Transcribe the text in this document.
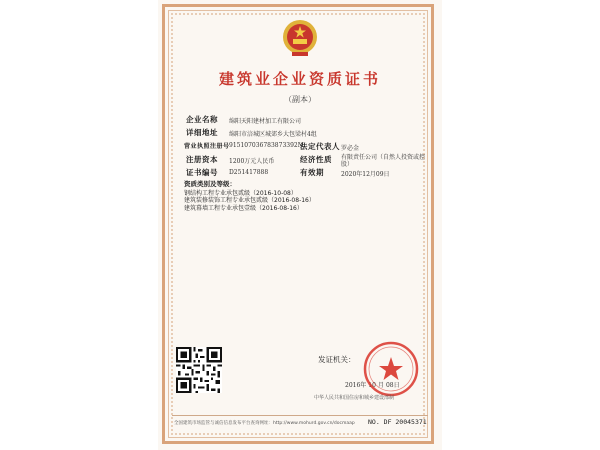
建筑业企业资质证书
（副本）
企业名称 绵阳天阳建材加工有限公司
详细地址 绵阳市涪城区城郊乡大包梁村4组
营业执照注册号 915107036783873392M
法定代表人 罗必金
注册资本 1200万元人民币	经济性质 有限责任公司（自然人投资或控股）
证书编号 D251417888	有效期	2020年12月09日
资质类别及等级：
钢结构工程专业承包贰级（2016-10-08）
建筑装修装饰工程专业承包贰级（2016-08-16）
建筑幕墙工程专业承包壹级（2016-08-16）
发证机关：
2016年 10 月 08日
中华人民共和国住房和城乡建设部制
全国建筑市场监管与诚信信息发布平台查询网址：http://www.mohurd.gov.cn/docmaap NO. DF 20045371
